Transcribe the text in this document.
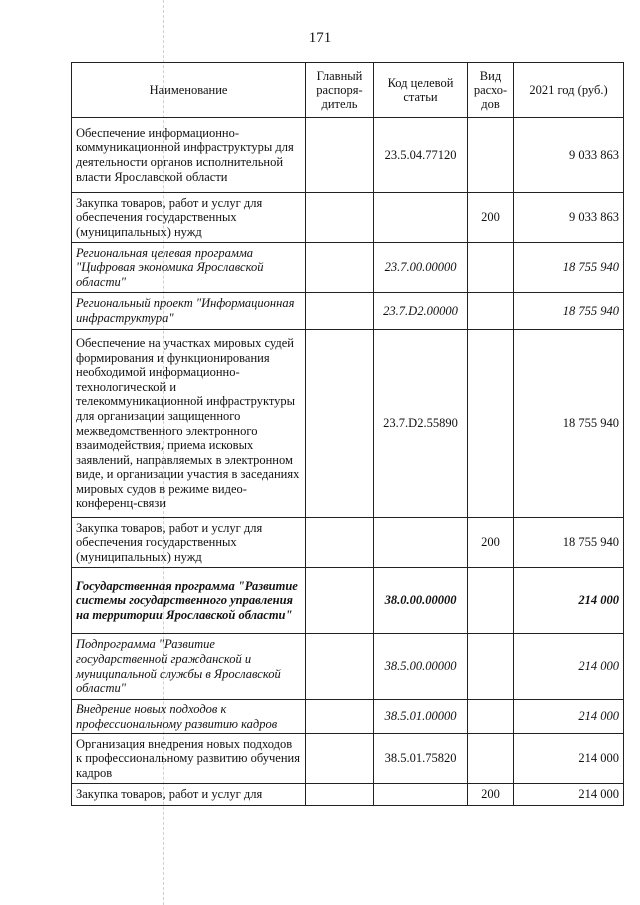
171
Наименование	Главный распоря-дитель	Код целевой статьи	Вид расхо-дов	2021 год (руб.)
Обеспечение информационно-коммуникационной инфраструктуры для деятельности органов исполнительной власти Ярославской области		23.5.04.77120		9 033 863
Закупка товаров, работ и услуг для обеспечения государственных (муниципальных) нужд			200	9 033 863
Региональная целевая программа "Цифровая экономика Ярославской области"		23.7.00.00000		18 755 940
Региональный проект "Информационная инфраструктура"		23.7.D2.00000		18 755 940
Обеспечение на участках мировых судей формирования и функционирования необходимой информационно-технологической и телекоммуникационной инфраструктуры для организации защищенного межведомственного электронного взаимодействия, приема исковых заявлений, направляемых в электронном виде, и организации участия в заседаниях мировых судов в режиме видео-конференц-связи		23.7.D2.55890		18 755 940
Закупка товаров, работ и услуг для обеспечения государственных (муниципальных) нужд			200	18 755 940
Государственная программа "Развитие системы государственного управления на территории Ярославской области"		38.0.00.00000		214 000
Подпрограмма "Развитие государственной гражданской и муниципальной службы в Ярославской области"		38.5.00.00000		214 000
Внедрение новых подходов к профессиональному развитию кадров		38.5.01.00000		214 000
Организация внедрения новых подходов к профессиональному развитию обучения кадров		38.5.01.75820		214 000
Закупка товаров, работ и услуг для			200	214 000
